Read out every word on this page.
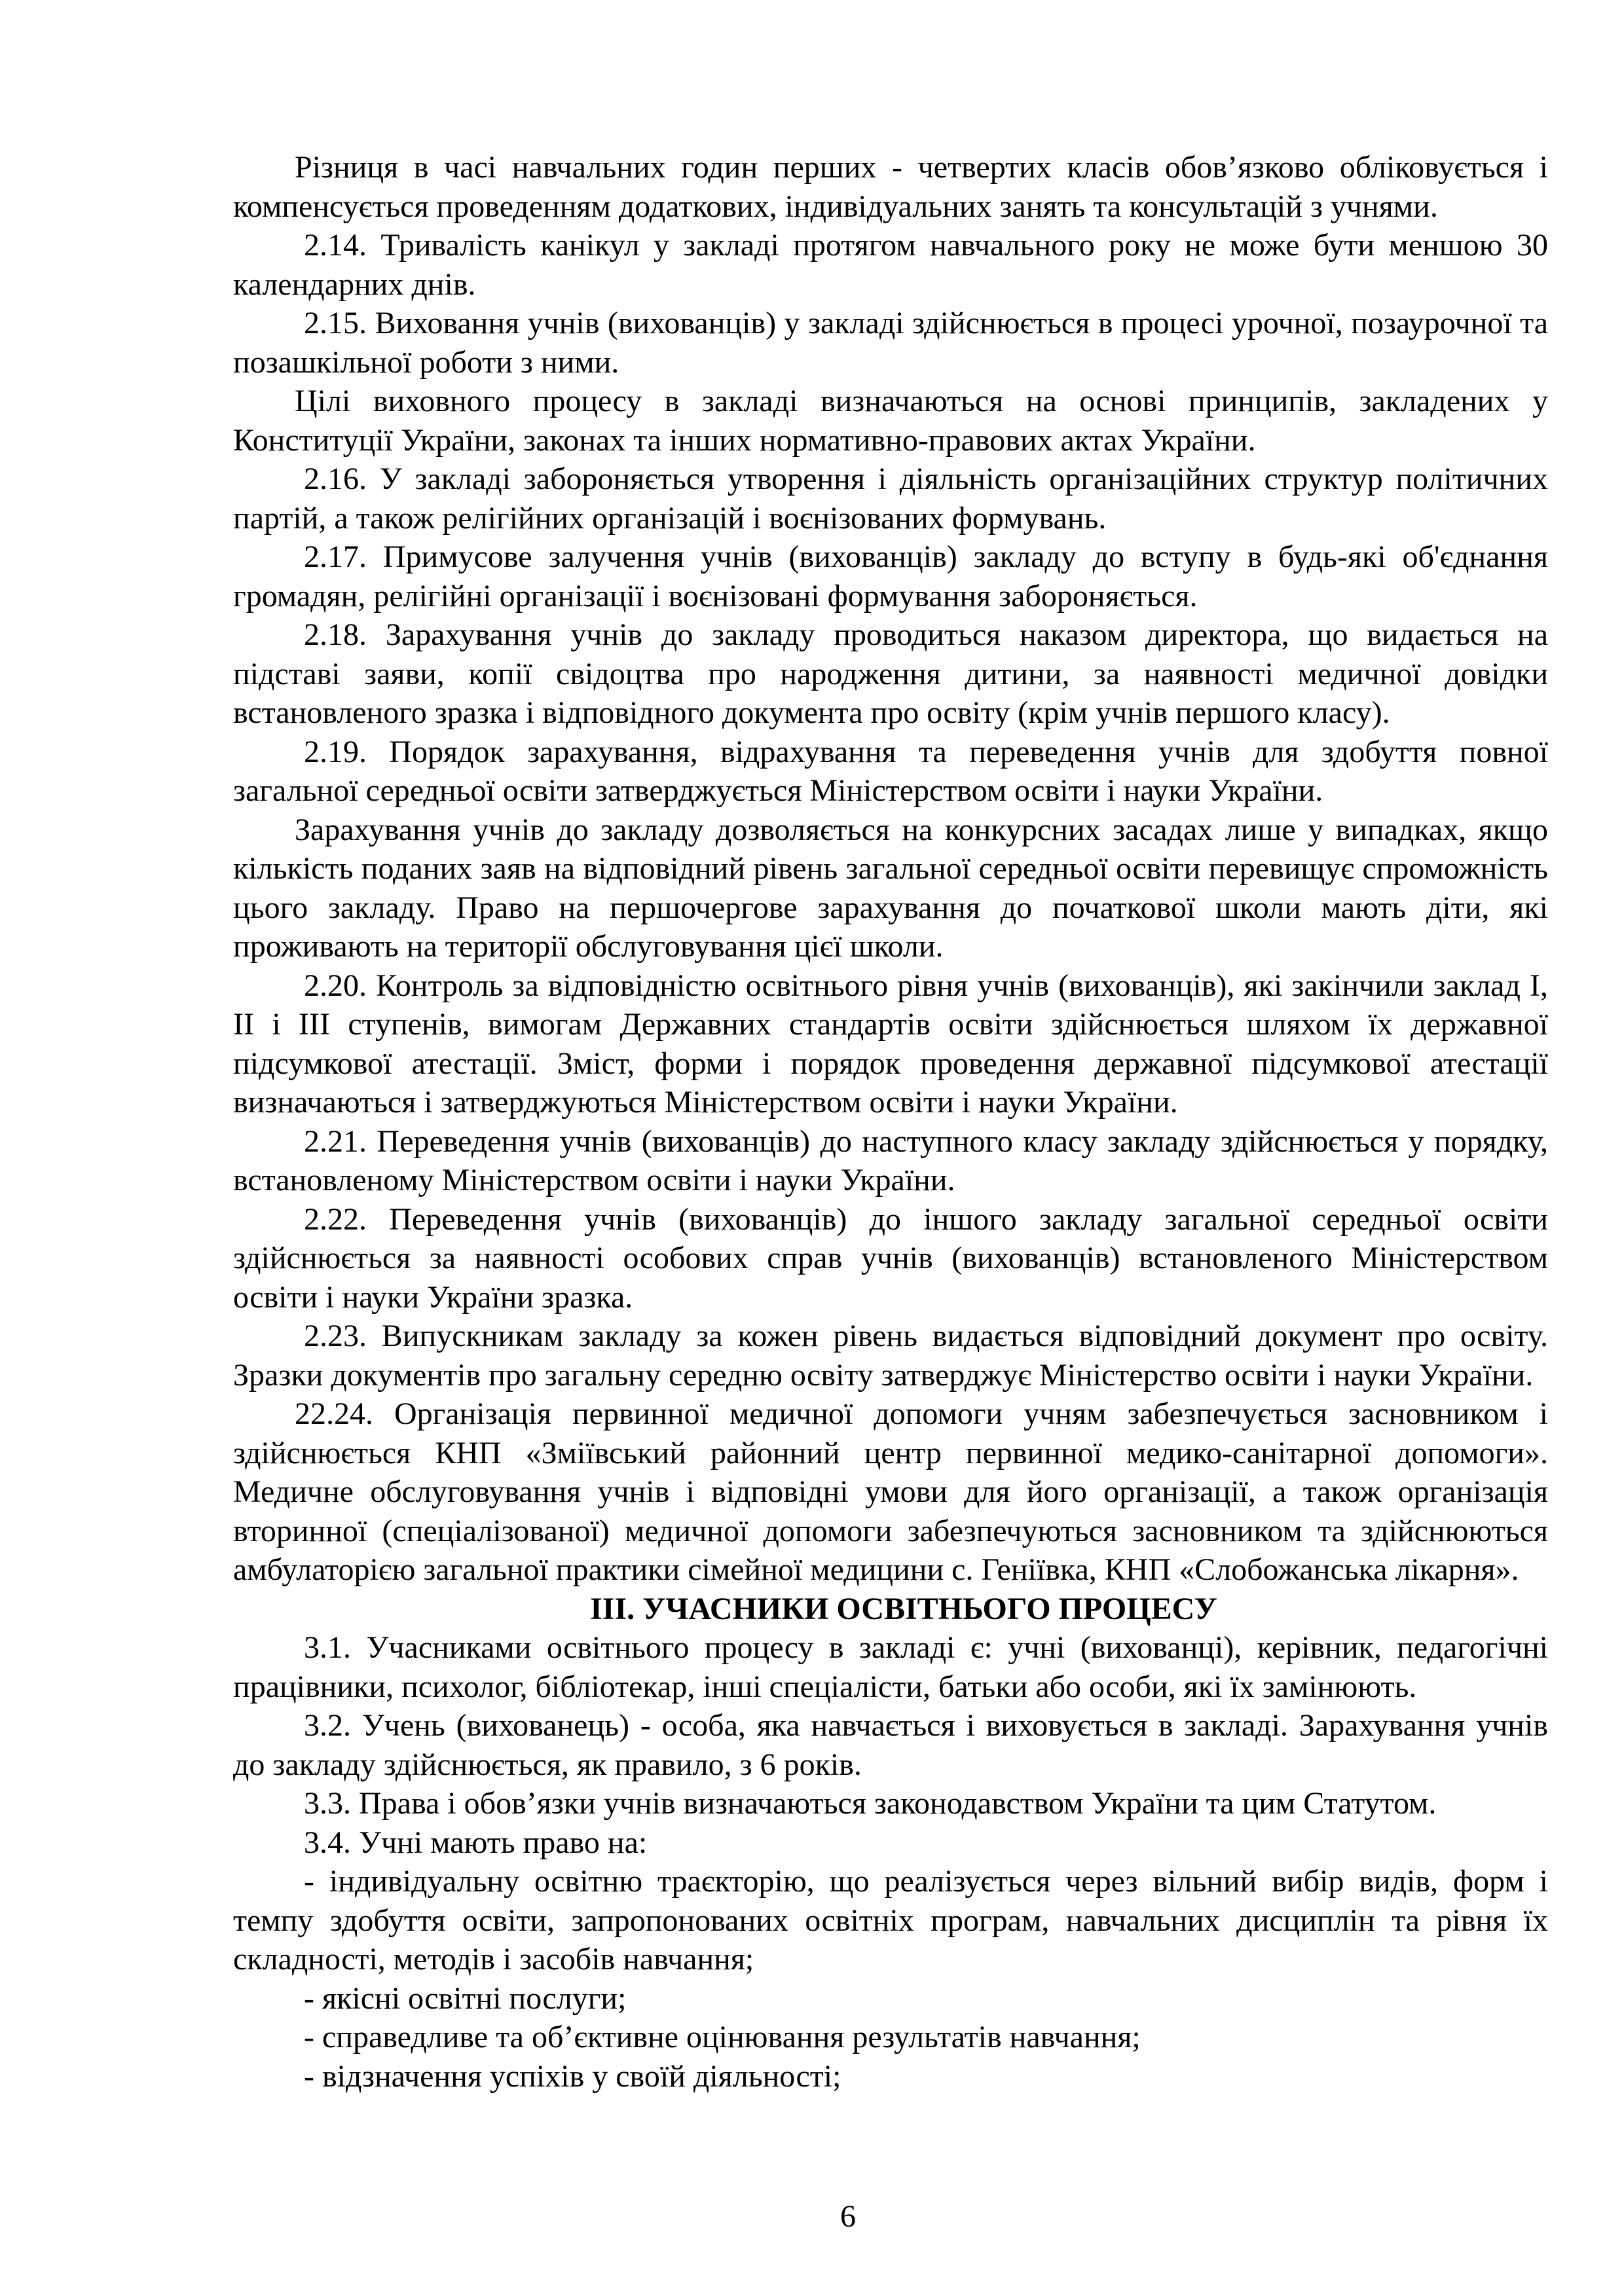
Різниця в часі навчальних годин перших - четвертих класів обов’язково обліковується і компенсується проведенням додаткових, індивідуальних занять та консультацій з учнями.

2.14. Тривалість канікул у закладі протягом навчального року не може бути меншою 30 календарних днів.

2.15. Виховання учнів (вихованців) у закладі здійснюється в процесі урочної, позаурочної та позашкільної роботи з ними.

Цілі виховного процесу в закладі визначаються на основі принципів, закладених у Конституції України, законах та інших нормативно-правових актах України.

2.16. У закладі забороняється утворення і діяльність організаційних структур політичних партій, а також релігійних організацій і воєнізованих формувань.

2.17. Примусове залучення учнів (вихованців) закладу до вступу в будь-які об'єднання громадян, релігійні організації і воєнізовані формування забороняється.

2.18. Зарахування учнів до закладу проводиться наказом директора, що видається на підставі заяви, копії свідоцтва про народження дитини, за наявності медичної довідки встановленого зразка і відповідного документа про освіту (крім учнів першого класу).

2.19. Порядок зарахування, відрахування та переведення учнів для здобуття повної загальної середньої освіти затверджується Міністерством освіти і науки України.

Зарахування учнів до закладу дозволяється на конкурсних засадах лише у випадках, якщо кількість поданих заяв на відповідний рівень загальної середньої освіти перевищує спроможність цього закладу. Право на першочергове зарахування до початкової школи мають діти, які проживають на території обслуговування цієї школи.

2.20. Контроль за відповідністю освітнього рівня учнів (вихованців), які закінчили заклад І, ІІ і ІІІ ступенів, вимогам Державних стандартів освіти здійснюється шляхом їх державної підсумкової атестації. Зміст, форми і порядок проведення державної підсумкової атестації визначаються і затверджуються Міністерством освіти і науки України.

2.21. Переведення учнів (вихованців) до наступного класу закладу здійснюється у порядку, встановленому Міністерством освіти і науки України.

2.22. Переведення учнів (вихованців) до іншого закладу загальної середньої освіти здійснюється за наявності особових справ учнів (вихованців) встановленого Міністерством освіти і науки України зразка.

2.23. Випускникам закладу за кожен рівень видається відповідний документ про освіту. Зразки документів про загальну середню освіту затверджує Міністерство освіти і науки України.

22.24. Організація первинної медичної допомоги учням забезпечується засновником і здійснюється КНП «Зміївський районний центр первинної медико-санітарної допомоги». Медичне обслуговування учнів і відповідні умови для його організації, а також організація вторинної (спеціалізованої) медичної допомоги забезпечуються засновником та здійснюються амбулаторією загальної практики сімейної медицини с. Геніївка, КНП «Слобожанська лікарня».

ІІІ. УЧАСНИКИ ОСВІТНЬОГО ПРОЦЕСУ

3.1. Учасниками освітнього процесу в закладі є: учні (вихованці), керівник, педагогічні працівники, психолог, бібліотекар, інші спеціалісти, батьки або особи, які їх замінюють.

3.2. Учень (вихованець) - особа, яка навчається і виховується в закладі. Зарахування учнів до закладу здійснюється, як правило, з 6 років.

3.3. Права і обов’язки учнів визначаються законодавством України та цим Статутом.

3.4. Учні мають право на:

- індивідуальну освітню траєкторію, що реалізується через вільний вибір видів, форм і темпу здобуття освіти, запропонованих освітніх програм, навчальних дисциплін та рівня їх складності, методів і засобів навчання;

- якісні освітні послуги;

- справедливе та об’єктивне оцінювання результатів навчання;

- відзначення успіхів у своїй діяльності;

6
